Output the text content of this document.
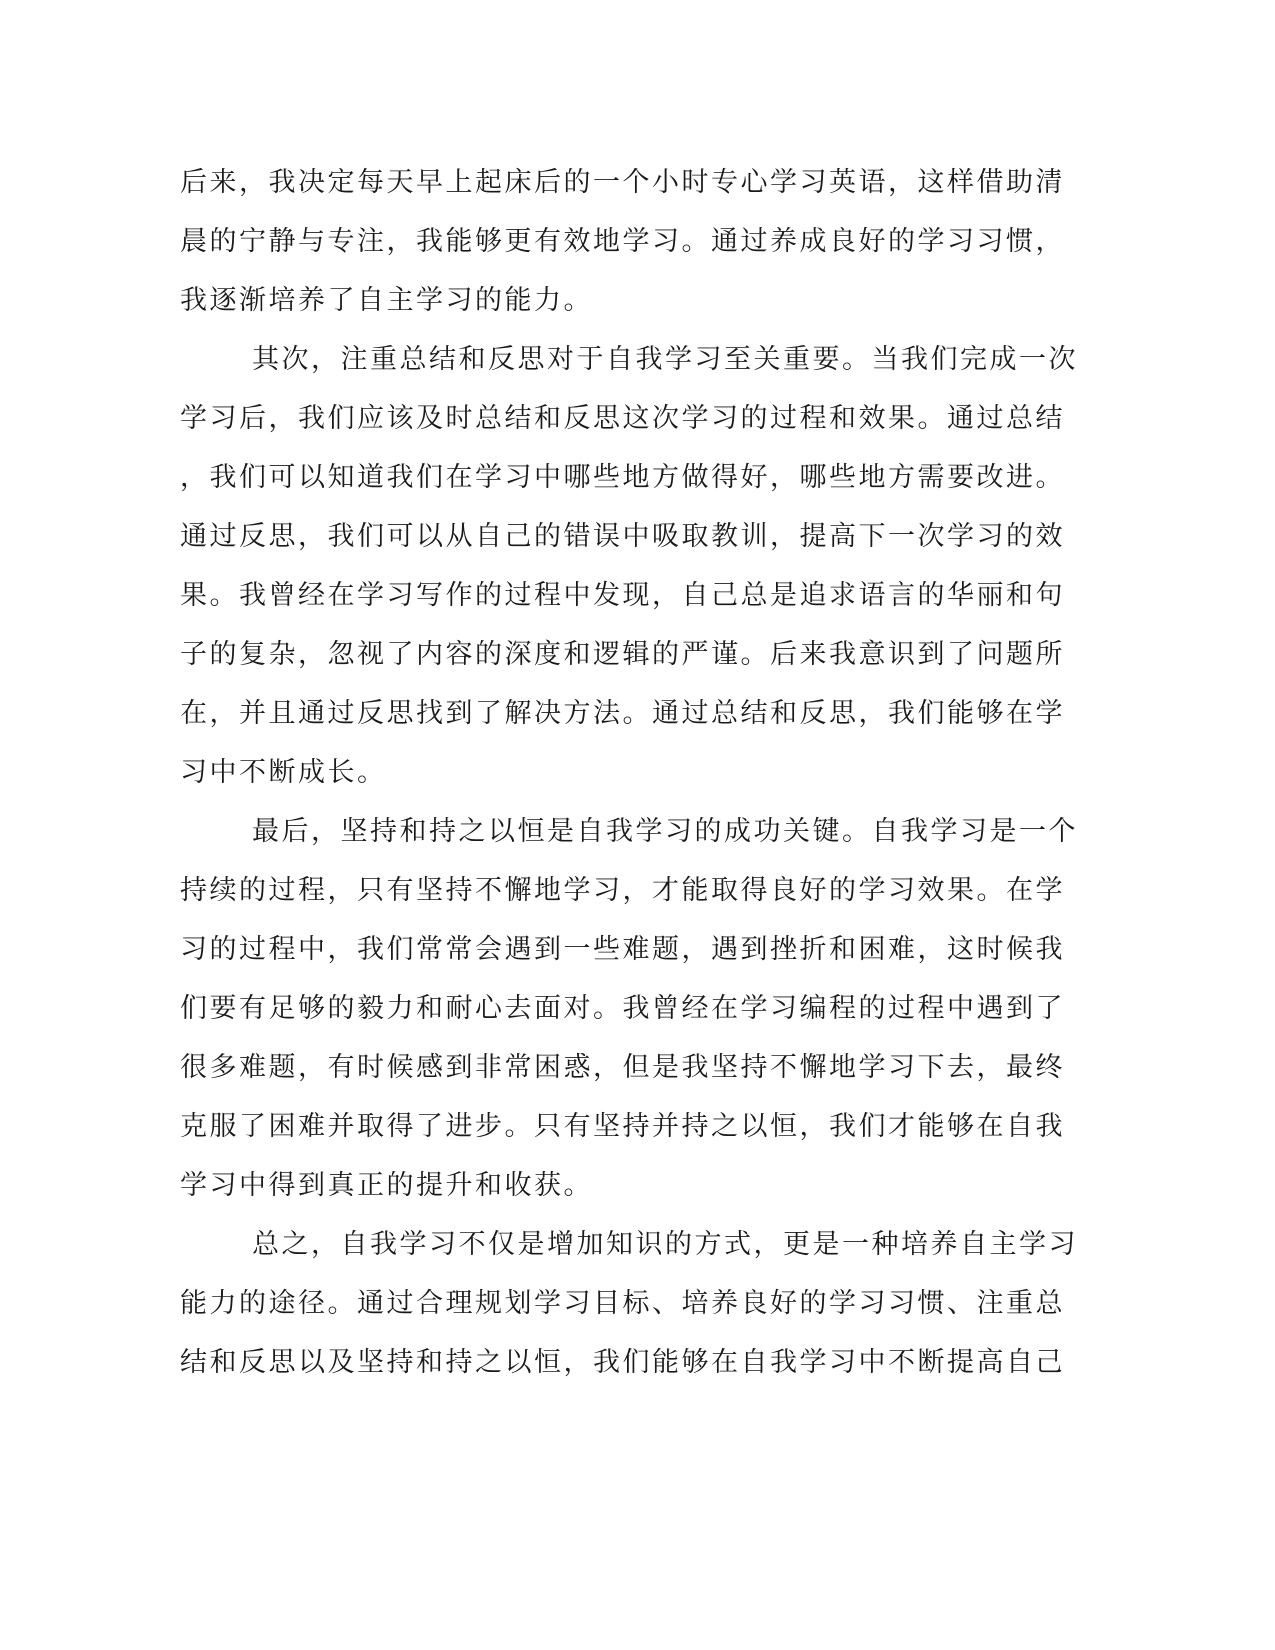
后来，我决定每天早上起床后的一个小时专心学习英语，这样借助清
晨的宁静与专注，我能够更有效地学习。通过养成良好的学习习惯，
我逐渐培养了自主学习的能力。

其次，注重总结和反思对于自我学习至关重要。当我们完成一次
学习后，我们应该及时总结和反思这次学习的过程和效果。通过总结
，我们可以知道我们在学习中哪些地方做得好，哪些地方需要改进。
通过反思，我们可以从自己的错误中吸取教训，提高下一次学习的效
果。我曾经在学习写作的过程中发现，自己总是追求语言的华丽和句
子的复杂，忽视了内容的深度和逻辑的严谨。后来我意识到了问题所
在，并且通过反思找到了解决方法。通过总结和反思，我们能够在学
习中不断成长。

最后，坚持和持之以恒是自我学习的成功关键。自我学习是一个
持续的过程，只有坚持不懈地学习，才能取得良好的学习效果。在学
习的过程中，我们常常会遇到一些难题，遇到挫折和困难，这时候我
们要有足够的毅力和耐心去面对。我曾经在学习编程的过程中遇到了
很多难题，有时候感到非常困惑，但是我坚持不懈地学习下去，最终
克服了困难并取得了进步。只有坚持并持之以恒，我们才能够在自我
学习中得到真正的提升和收获。

总之，自我学习不仅是增加知识的方式，更是一种培养自主学习
能力的途径。通过合理规划学习目标、培养良好的学习习惯、注重总
结和反思以及坚持和持之以恒，我们能够在自我学习中不断提高自己
